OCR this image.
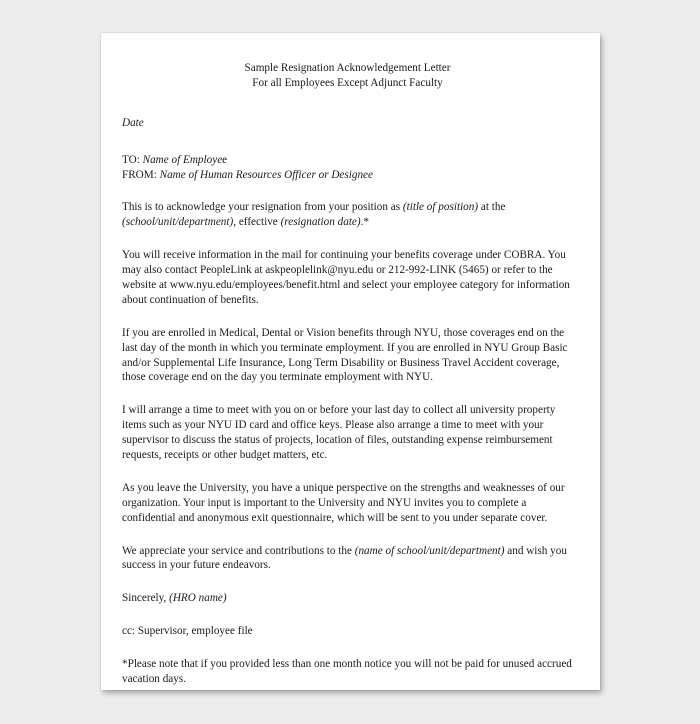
Sample Resignation Acknowledgement Letter
For all Employees Except Adjunct Faculty

Date

TO: Name of Employee
FROM: Name of Human Resources Officer or Designee

This is to acknowledge your resignation from your position as (title of position) at the (school/unit/department), effective (resignation date).*

You will receive information in the mail for continuing your benefits coverage under COBRA. You may also contact PeopleLink at askpeoplelink@nyu.edu or 212-992-LINK (5465) or refer to the website at www.nyu.edu/employees/benefit.html and select your employee category for information about continuation of benefits.

If you are enrolled in Medical, Dental or Vision benefits through NYU, those coverages end on the last day of the month in which you terminate employment. If you are enrolled in NYU Group Basic and/or Supplemental Life Insurance, Long Term Disability or Business Travel Accident coverage, those coverage end on the day you terminate employment with NYU.

I will arrange a time to meet with you on or before your last day to collect all university property items such as your NYU ID card and office keys. Please also arrange a time to meet with your supervisor to discuss the status of projects, location of files, outstanding expense reimbursement requests, receipts or other budget matters, etc.

As you leave the University, you have a unique perspective on the strengths and weaknesses of our organization. Your input is important to the University and NYU invites you to complete a confidential and anonymous exit questionnaire, which will be sent to you under separate cover.

We appreciate your service and contributions to the (name of school/unit/department) and wish you success in your future endeavors.

Sincerely, (HRO name)

cc: Supervisor, employee file

*Please note that if you provided less than one month notice you will not be paid for unused accrued vacation days.
